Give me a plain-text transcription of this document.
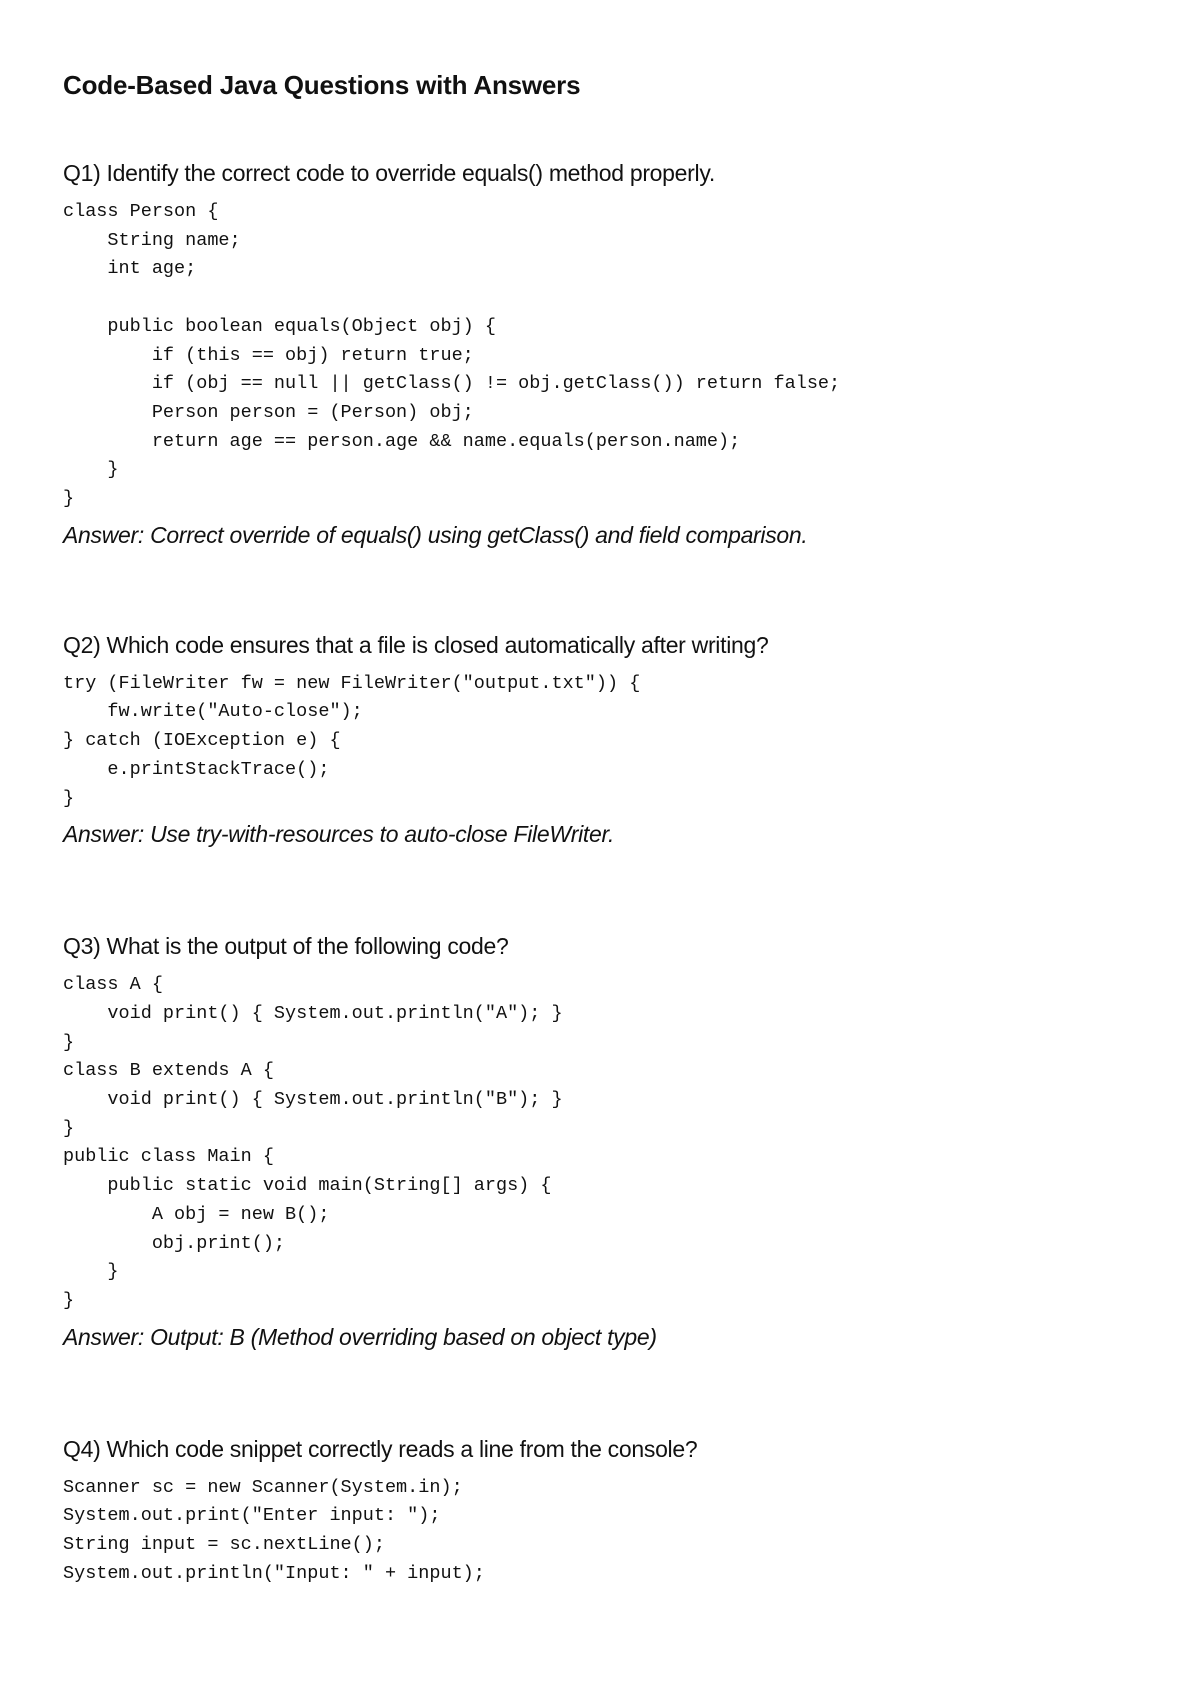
Code-Based Java Questions with Answers

Q1) Identify the correct code to override equals() method properly.

class Person {
String name;
int age;

public boolean equals(Object obj) {
if (this == obj) return true;
if (obj == null || getClass() != obj.getClass()) return false;
Person person = (Person) obj;
return age == person.age && name.equals(person.name);
}
}

Answer: Correct override of equals() using getClass() and field comparison.

Q2) Which code ensures that a file is closed automatically after writing?

try (FileWriter fw = new FileWriter("output.txt")) {
fw.write("Auto-close");
} catch (IOException e) {
e.printStackTrace();
}

Answer: Use try-with-resources to auto-close FileWriter.

Q3) What is the output of the following code?

class A {
void print() { System.out.println("A"); }
}
class B extends A {
void print() { System.out.println("B"); }
}
public class Main {
public static void main(String[] args) {
A obj = new B();
obj.print();
}
}

Answer: Output: B (Method overriding based on object type)

Q4) Which code snippet correctly reads a line from the console?

Scanner sc = new Scanner(System.in);
System.out.print("Enter input: ");
String input = sc.nextLine();
System.out.println("Input: " + input);
